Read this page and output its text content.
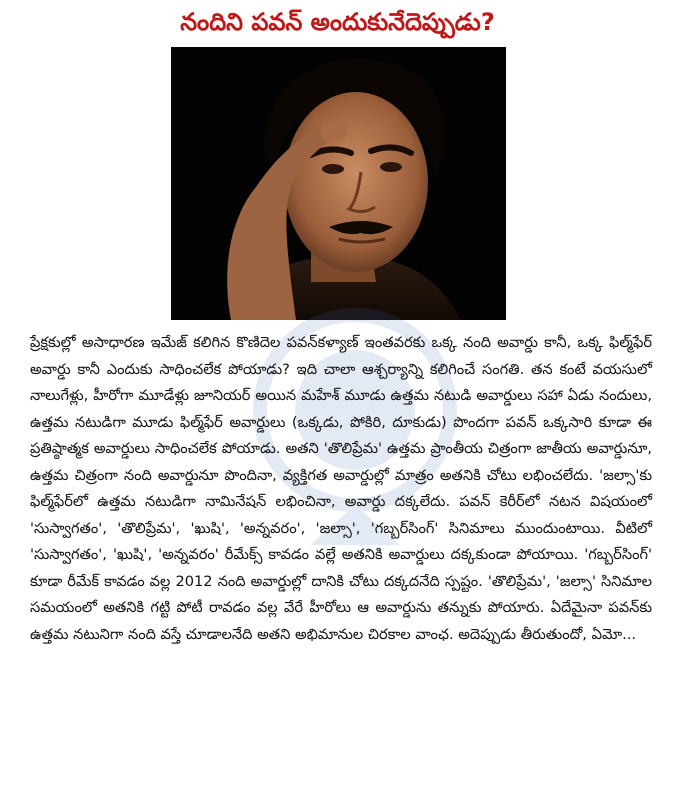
నందిని పవన్ అందుకునేదెప్పుడు?

ప్రేక్షకుల్లో అసాధారణ ఇమేజ్ కలిగిన కొణిదెల పవన్‌కళ్యాణ్ ఇంతవరకు ఒక్క నంది అవార్డు కానీ, ఒక్క ఫిల్మ్‌ఫేర్ అవార్డు కానీ ఎందుకు సాధించలేక పోయాడు? ఇది చాలా ఆశ్చర్యాన్ని కలిగించే సంగతి. తన కంటే వయసులో నాలుగేళ్లు, హీరోగా మూడేళ్లు జూనియర్ అయిన మహేశ్ మూడు ఉత్తమ నటుడి అవార్డులు సహా ఏడు నందులు, ఉత్తమ నటుడిగా మూడు ఫిల్మ్‌ఫేర్ అవార్డులు (ఒక్కడు, పోకిరి, దూకుడు) పొందగా పవన్ ఒక్కసారి కూడా ఈ ప్రతిష్ఠాత్మక అవార్డులు సాధించలేక పోయాడు. అతని 'తొలిప్రేమ' ఉత్తమ ప్రాంతీయ చిత్రంగా జాతీయ అవార్డునూ, ఉత్తమ చిత్రంగా నంది అవార్డునూ పొందినా, వ్యక్తిగత అవార్డుల్లో మాత్రం అతనికి చోటు లభించలేదు. 'జల్సా'కు ఫిల్మ్‌ఫేర్‌లో ఉత్తమ నటుడిగా నామినేషన్ లభించినా, అవార్డు దక్కలేదు. పవన్ కెరీర్‌లో నటన విషయంలో 'సుస్వాగతం', 'తొలిప్రేమ', 'ఖుషి', 'అన్నవరం', 'జల్సా', 'గబ్బర్‌సింగ్' సినిమాలు ముందుంటాయి. వీటిలో 'సుస్వాగతం', 'ఖుషి', 'అన్నవరం' రీమేక్స్ కావడం వల్లే అతనికి అవార్డులు దక్కకుండా పోయాయి. 'గబ్బర్‌సింగ్' కూడా రీమేక్ కావడం వల్ల 2012 నంది అవార్డుల్లో దానికి చోటు దక్కదనేది స్పష్టం. 'తొలిప్రేమ', 'జల్సా' సినిమాల సమయంలో అతనికి గట్టి పోటీ రావడం వల్ల వేరే హీరోలు ఆ అవార్డును తన్నుకు పోయారు. ఏదేమైనా పవన్‌కు ఉత్తమ నటునిగా నంది వస్తే చూడాలనేది అతని అభిమానుల చిరకాల వాంఛ. అదెప్పుడు తీరుతుందో, ఏమో...
